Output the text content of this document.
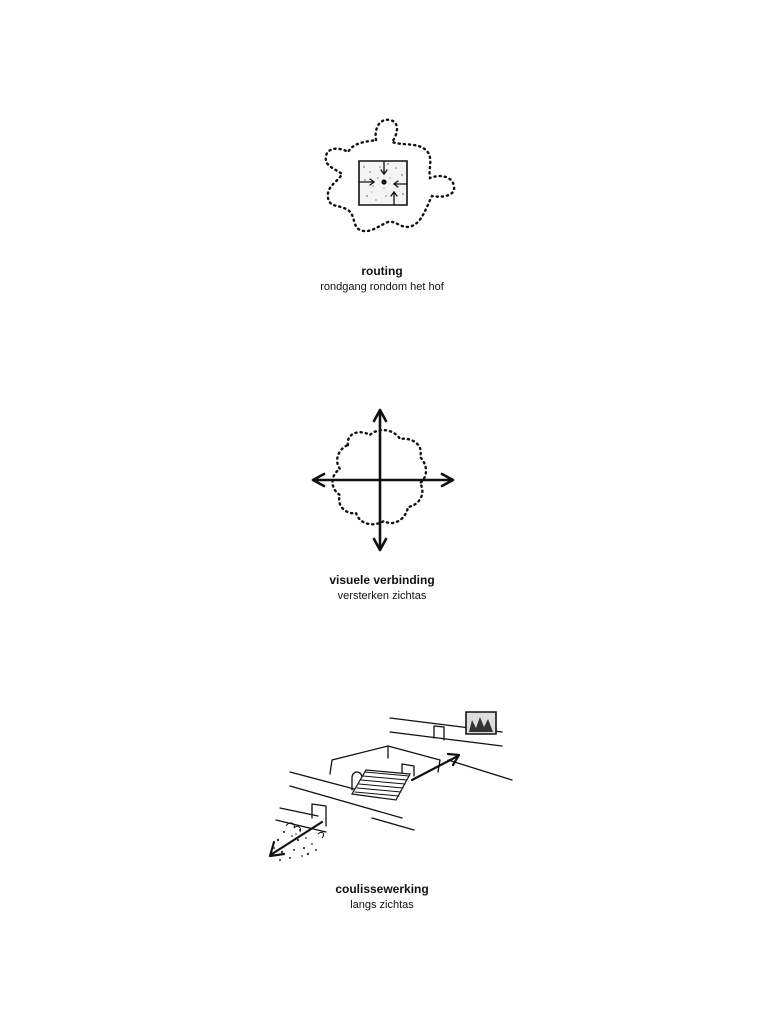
routing
rondgang rondom het hof
visuele verbinding
versterken zichtas
coulissewerking
langs zichtas
